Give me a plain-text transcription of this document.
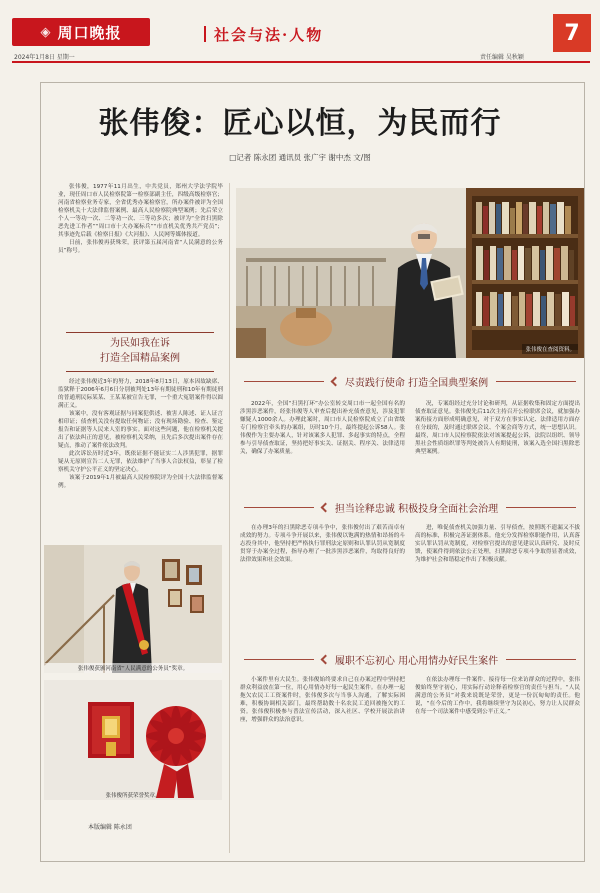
◈ 周口晚报	社会与法·人物	7
2024年1月8日 星期一	责任编辑 吴秋颖
张伟俊：匠心以恒，为民而行
□记者 陈永团 通讯员 张广宇 谢中杰 文/图

张伟俊，1977年11月出生，中共党员，郑州大学法学院毕业，现任周口市人民检察院第一检察部副主任，四级高级检察官；河南省检察业务专家，全省优秀办案检察官，所办案件被评为全国检察机关十大法律监督案例、最高人民检察院典型案例；先后荣立个人一等功一次、二等功一次、三等功多次；被评为“全省扫黑除恶先进工作者”“周口市十大办案标兵”“市直机关优秀共产党员”；其事迹先后载《检察日报》《大河报》、人民网等媒体报道。

日前，张伟俊再获殊荣，获评第五届河南省“人民满意的公务员”称号。

为民如我在诉
打造全国精品案例

经过张伟俊近3年的努力，2018年8月13日，原本因故缺席、监狱释于2006年6月6日分别被判处13年有期徒刑和10年有期徒刑的普通刑民际某某、王某某被宣告无罪，一个重大冤错案件得以圆满正义。

该案中，没有客观证据与同案犯供述、被害人陈述、证人证言相印证；侦查机关没有提取任何物证；没有现场勘验、检查、鉴定报告和证据等人民来人室的事实。面对这些问题，他在检察机关提出了依法纠正的意见，被检察机关采纳，且先后多次提出案件存在疑点，推动了案件依法改判。

此次诉讼历时近3年，既依证据不能证实二人涉黑犯罪，据罪疑从无原则宣告二人无罪，依法维护了当事人合法权益，彰显了检察机关守护公平正义的坚定决心。

该案于2019年1月被最高人民检察院评为全国十大法律监督案例。

张伟俊在查阅资料。
尽责践行使命 打造全国典型案例

2022年，全国“扫黑打环”办公室转交周口市一起全国有名的涉黑涉恶案件，经张伟俊等人审查后提出补充侦查意见，涉及犯罪嫌疑人1000余人。办理此案时，周口市人民检察院成立了由省级专门检察官牵头的办案组，历时10个月，最终提起公诉58人。张伟俊作为主要办案人，针对该案多人犯罪、多起事实的特点，全程参与引导侦查取证，坚持把好事实关、证据关、程序关、法律适用关，确保了办案质量。

况，专案组经过充分讨论和研判，从证据收集和固定方面提出侦查取证意见。张伟俊先后11次主持召开公检联席会议，就加强办案衔接方面形成明确意见，对于双方在事实认定、法律适用方面存在分歧的，及时通过联席会议、个案会商等方式，统一思想认识。最终，周口市人民检察院依法对该案提起公诉，法院以组织、领导黑社会性质组织罪等判处被告人有期徒刑，该案入选全国扫黑除恶典型案例。

担当诠释忠诚 积极投身全面社会治理

在办理3年的扫黑除恶专项斗争中，张伟俊付出了艰苦而卓有成效的努力。专项斗争开展以来，张伟俊以饱满的热情和昂扬的斗志投身其中，他坚持把严格执行罪刑法定原则和认罪认罚从宽制度贯穿于办案全过程，指导办理了一批涉黑涉恶案件，均取得良好的法律效果和社会效果。

进，唯促侦查机关加强力量、引导侦查，按照既不遗漏又不拔高的标准，积极完善证据体系。他充分发挥检察职能作用，认真落实认罪认罚从宽制度，对检察官提出的意见建议认真研究、及时反馈，使案件得到依法公正处理，扫黑除恶专项斗争取得显著成效，为维护社会和谐稳定作出了积极贡献。

履职不忘初心 用心用情办好民生案件

小案件里有大民生。张伟俊始终要求自己在办案过程中坚持把群众利益放在第一位，用心用情办好每一起民生案件。在办理一起拖欠农民工工资案件时，张伟俊多次与当事人沟通，了解实际困难，积极协调相关部门，最终帮助数十名农民工追回被拖欠的工资。张伟俊积极参与普法宣传活动，深入社区、学校开展法治讲座，增强群众的法治意识。

在依法办理每一件案件、接待每一位来访群众的过程中，张伟俊始终坚守初心，用实际行动诠释着检察官的责任与担当。“人民满意的公务员”对我来说既是荣誉，更是一份沉甸甸的责任。他说，“在今后的工作中，我将继续坚守为民初心，努力让人民群众在每一个司法案件中感受到公平正义。”

张伟俊获颁河南省“人民满意的公务员”奖章。
张伟俊所获荣誉奖章。
本版编辑 陈永团
